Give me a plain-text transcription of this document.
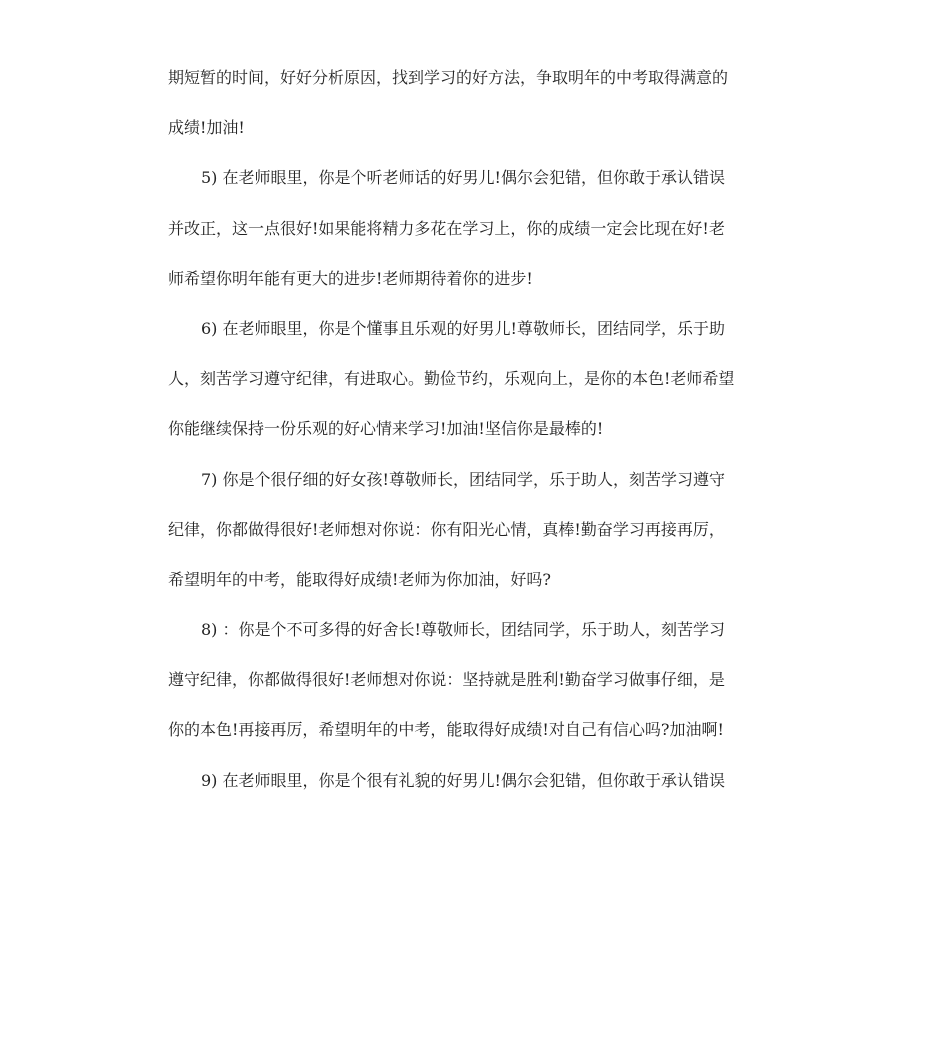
期短暂的时间，好好分析原因，找到学习的好方法，争取明年的中考取得满意的
成绩!加油!
5) 在老师眼里，你是个听老师话的好男儿!偶尔会犯错，但你敢于承认错误
并改正，这一点很好!如果能将精力多花在学习上，你的成绩一定会比现在好!老
师希望你明年能有更大的进步!老师期待着你的进步!
6) 在老师眼里，你是个懂事且乐观的好男儿!尊敬师长，团结同学，乐于助
人，刻苦学习遵守纪律，有进取心。勤俭节约，乐观向上，是你的本色!老师希望
你能继续保持一份乐观的好心情来学习!加油!坚信你是最棒的!
7) 你是个很仔细的好女孩!尊敬师长，团结同学，乐于助人，刻苦学习遵守
纪律，你都做得很好!老师想对你说：你有阳光心情，真棒!勤奋学习再接再厉，
希望明年的中考，能取得好成绩!老师为你加油，好吗?
8) ：你是个不可多得的好舍长!尊敬师长，团结同学，乐于助人，刻苦学习
遵守纪律，你都做得很好!老师想对你说：坚持就是胜利!勤奋学习做事仔细，是
你的本色!再接再厉，希望明年的中考，能取得好成绩!对自己有信心吗?加油啊!
9) 在老师眼里，你是个很有礼貌的好男儿!偶尔会犯错，但你敢于承认错误
